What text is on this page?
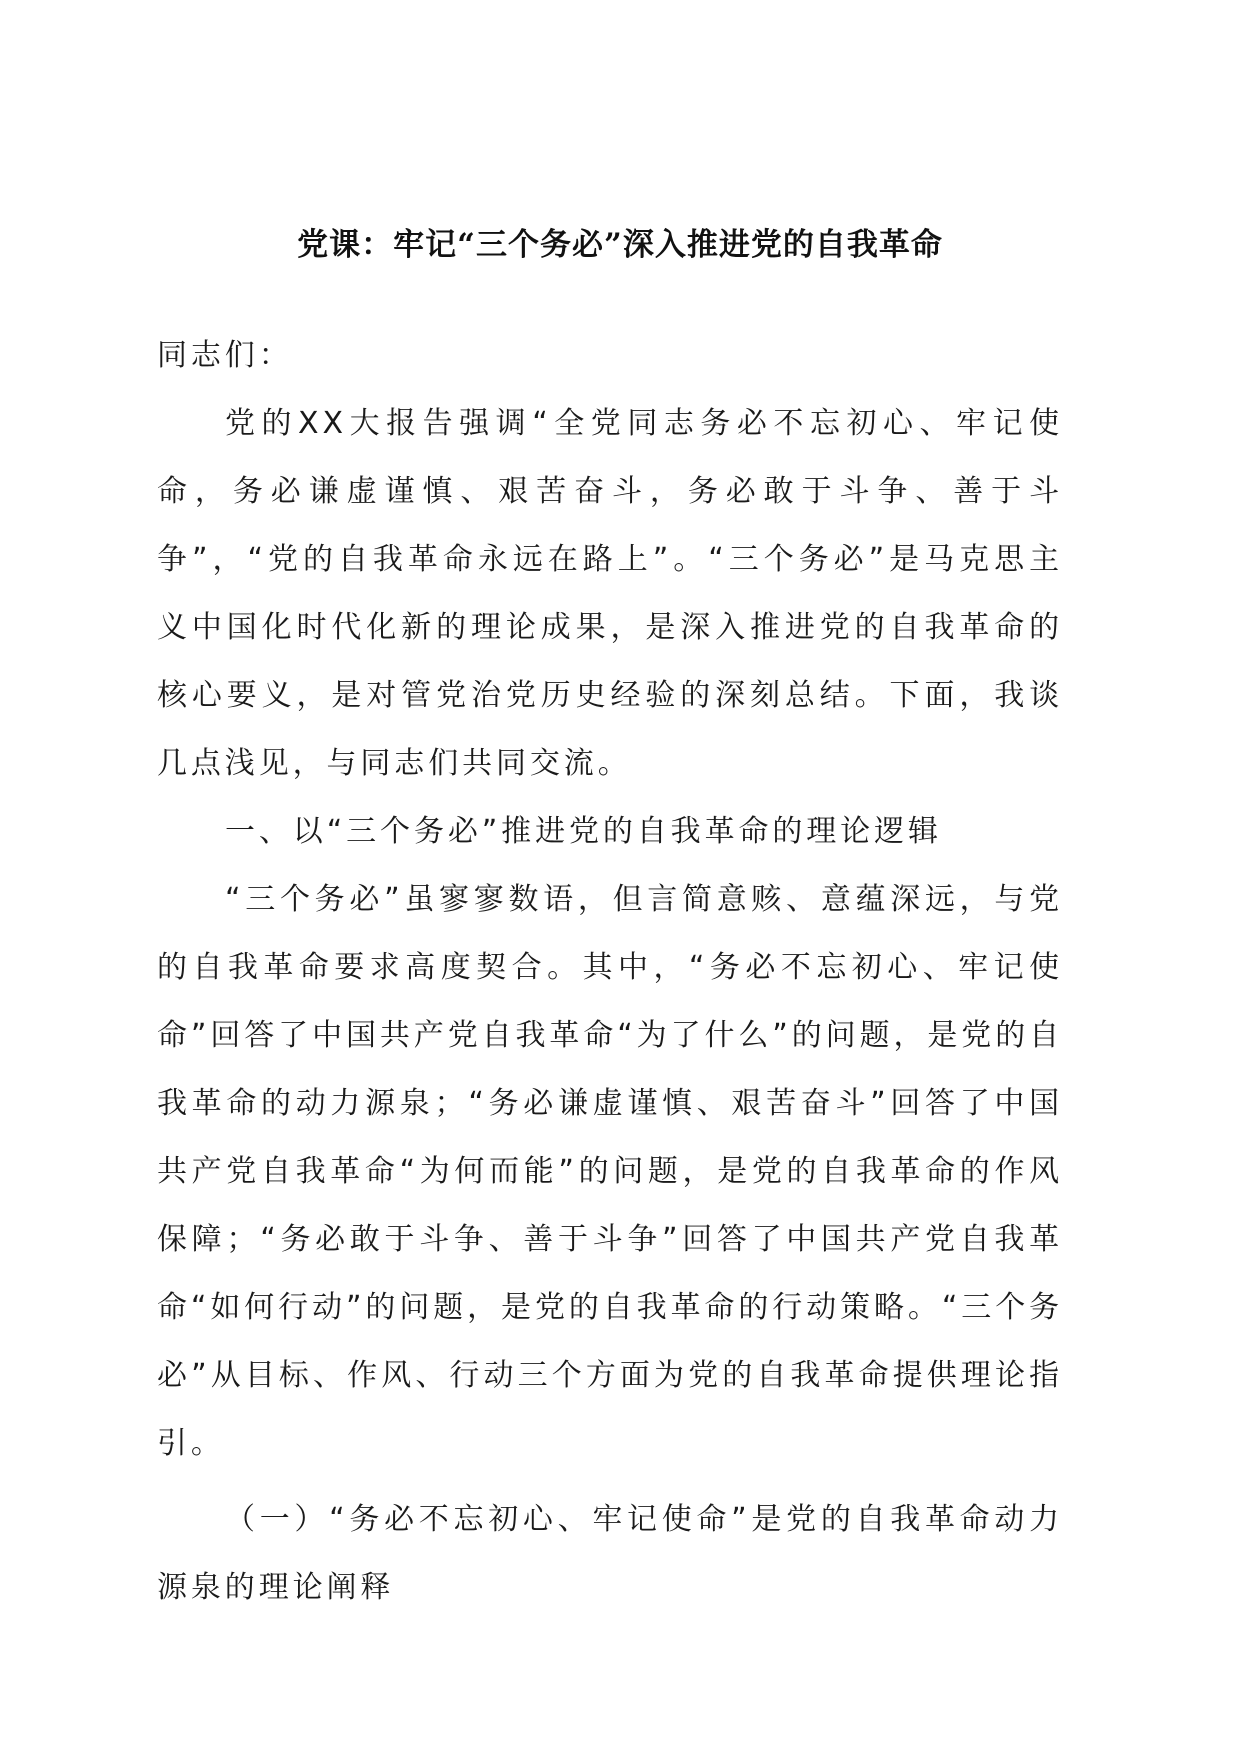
党课：牢记“三个务必”深入推进党的自我革命

同志们：

党的XX大报告强调“全党同志务必不忘初心、牢记使命，务必谦虚谨慎、艰苦奋斗，务必敢于斗争、善于斗争”，“党的自我革命永远在路上”。“三个务必”是马克思主义中国化时代化新的理论成果，是深入推进党的自我革命的核心要义，是对管党治党历史经验的深刻总结。下面，我谈几点浅见，与同志们共同交流。

一、以“三个务必”推进党的自我革命的理论逻辑

“三个务必”虽寥寥数语，但言简意赅、意蕴深远，与党的自我革命要求高度契合。其中，“务必不忘初心、牢记使命”回答了中国共产党自我革命“为了什么”的问题，是党的自我革命的动力源泉；“务必谦虚谨慎、艰苦奋斗”回答了中国共产党自我革命“为何而能”的问题，是党的自我革命的作风保障；“务必敢于斗争、善于斗争”回答了中国共产党自我革命“如何行动”的问题，是党的自我革命的行动策略。“三个务必”从目标、作风、行动三个方面为党的自我革命提供理论指引。

（一）“务必不忘初心、牢记使命”是党的自我革命动力源泉的理论阐释
